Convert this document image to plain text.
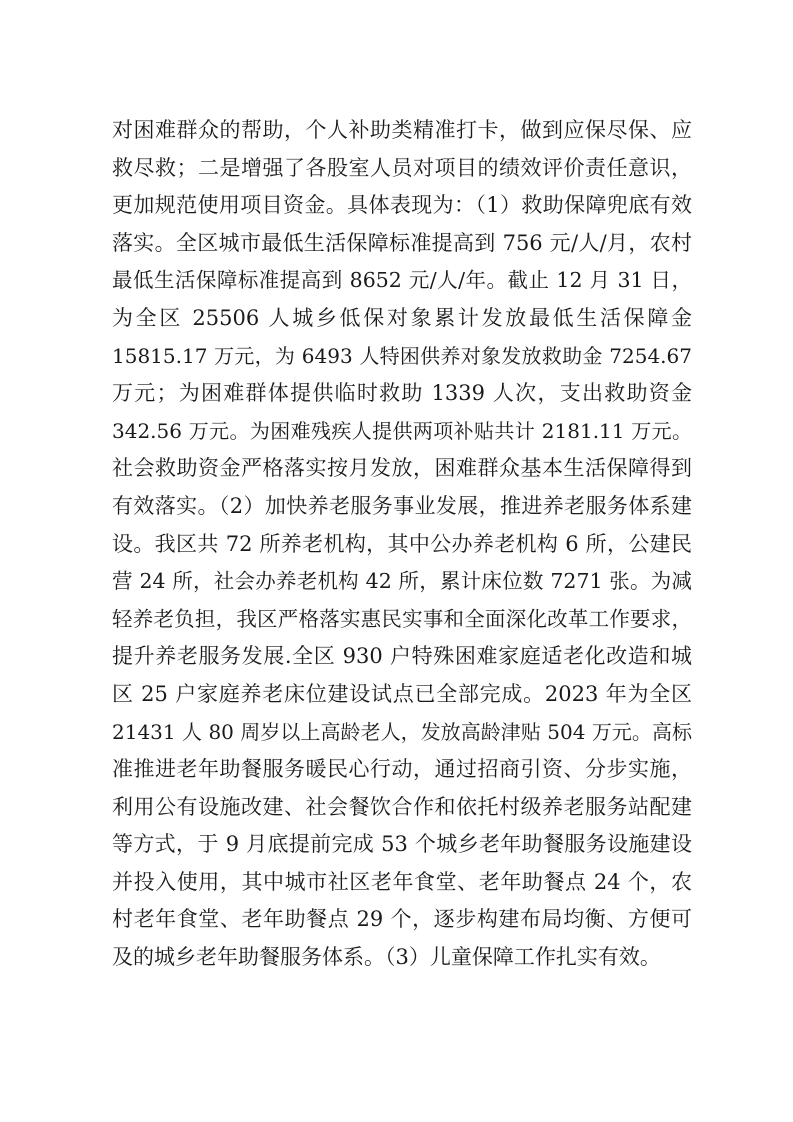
对困难群众的帮助，个人补助类精准打卡，做到应保尽保、应
救尽救；二是增强了各股室人员对项目的绩效评价责任意识，
更加规范使用项目资金。具体表现为：（1）救助保障兜底有效
落实。全区城市最低生活保障标准提高到 756 元/人/月，农村
最低生活保障标准提高到 8652 元/人/年。截止 12 月 31 日，
为全区 25506 人城乡低保对象累计发放最低生活保障金
15815.17 万元，为 6493 人特困供养对象发放救助金 7254.67
万元；为困难群体提供临时救助 1339 人次，支出救助资金
342.56 万元。为困难残疾人提供两项补贴共计 2181.11 万元。
社会救助资金严格落实按月发放，困难群众基本生活保障得到
有效落实。（2）加快养老服务事业发展，推进养老服务体系建
设。我区共 72 所养老机构，其中公办养老机构 6 所，公建民
营 24 所，社会办养老机构 42 所，累计床位数 7271 张。为减
轻养老负担，我区严格落实惠民实事和全面深化改革工作要求，
提升养老服务发展.全区 930 户特殊困难家庭适老化改造和城
区 25 户家庭养老床位建设试点已全部完成。2023 年为全区
21431 人 80 周岁以上高龄老人，发放高龄津贴 504 万元。高标
准推进老年助餐服务暖民心行动，通过招商引资、分步实施，
利用公有设施改建、社会餐饮合作和依托村级养老服务站配建
等方式，于 9 月底提前完成 53 个城乡老年助餐服务设施建设
并投入使用，其中城市社区老年食堂、老年助餐点 24 个，农
村老年食堂、老年助餐点 29 个，逐步构建布局均衡、方便可
及的城乡老年助餐服务体系。（3）儿童保障工作扎实有效。
